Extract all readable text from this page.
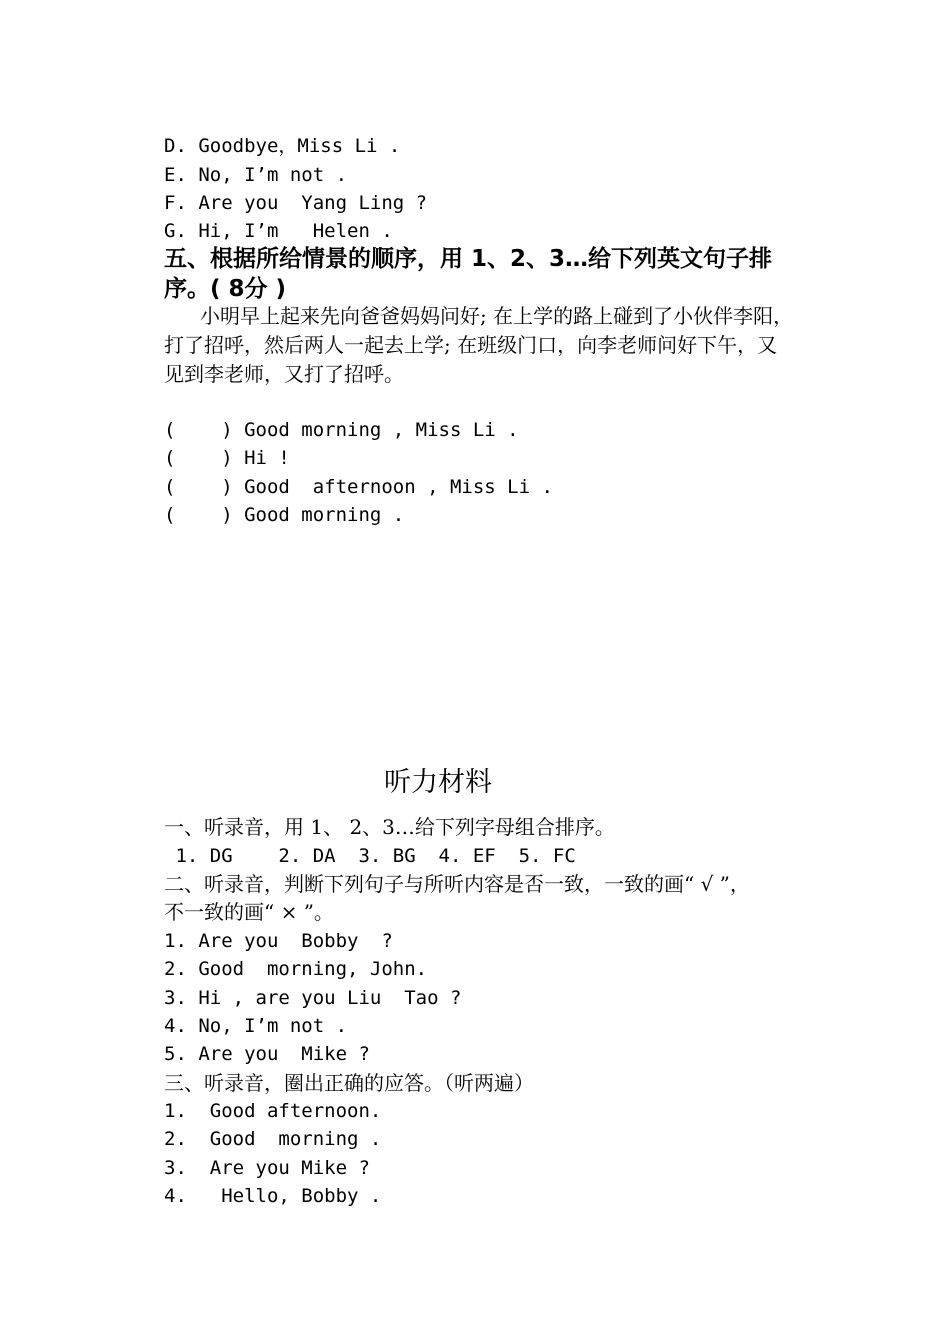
D. Goodbye，Miss Li .
E. No, I’m not .
F. Are you  Yang Ling ?
G. Hi, I’m   Helen .
五、根据所给情景的顺序，用 1、2、3…给下列英文句子排序。( 8分 )
小明早上起来先向爸爸妈妈问好; 在上学的路上碰到了小伙伴李阳，打了招呼，然后两人一起去上学; 在班级门口，向李老师问好下午，又见到李老师，又打了招呼。
(    ) Good morning , Miss Li .
(    ) Hi !
(    ) Good  afternoon , Miss Li .
(    ) Good morning .
听力材料
一、听录音，用 1、 2、3…给下列字母组合排序。
1. DG    2. DA  3. BG  4. EF  5. FC
二、听录音，判断下列句子与所听内容是否一致，一致的画“ √ ”，
不一致的画“ × ”。
1. Are you  Bobby  ?
2. Good  morning, John.
3. Hi , are you Liu  Tao ?
4. No, I’m not .
5. Are you  Mike ?
三、听录音，圈出正确的应答。（听两遍）
1.  Good afternoon.
2.  Good  morning .
3.  Are you Mike ?
4.   Hello, Bobby .
